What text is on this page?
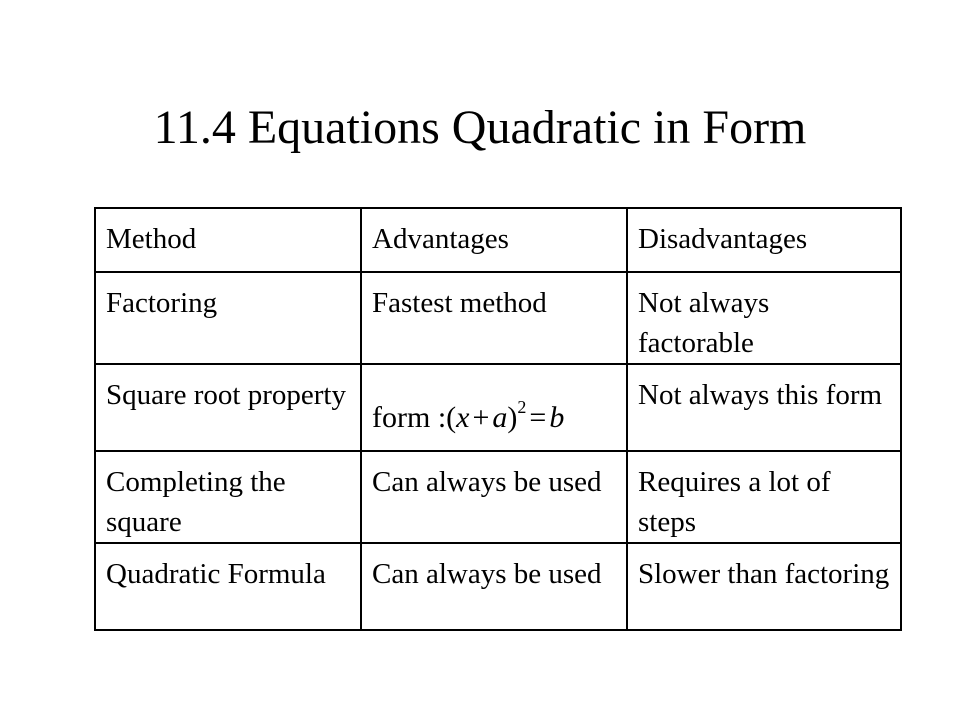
11.4 Equations Quadratic in Form
Method	Advantages	Disadvantages
Factoring	Fastest method	Not always factorable
Square root property	form :(x + a)$^2$ = b	Not always this form
Completing the square	Can always be used	Requires a lot of steps
Quadratic Formula	Can always be used	Slower than factoring
